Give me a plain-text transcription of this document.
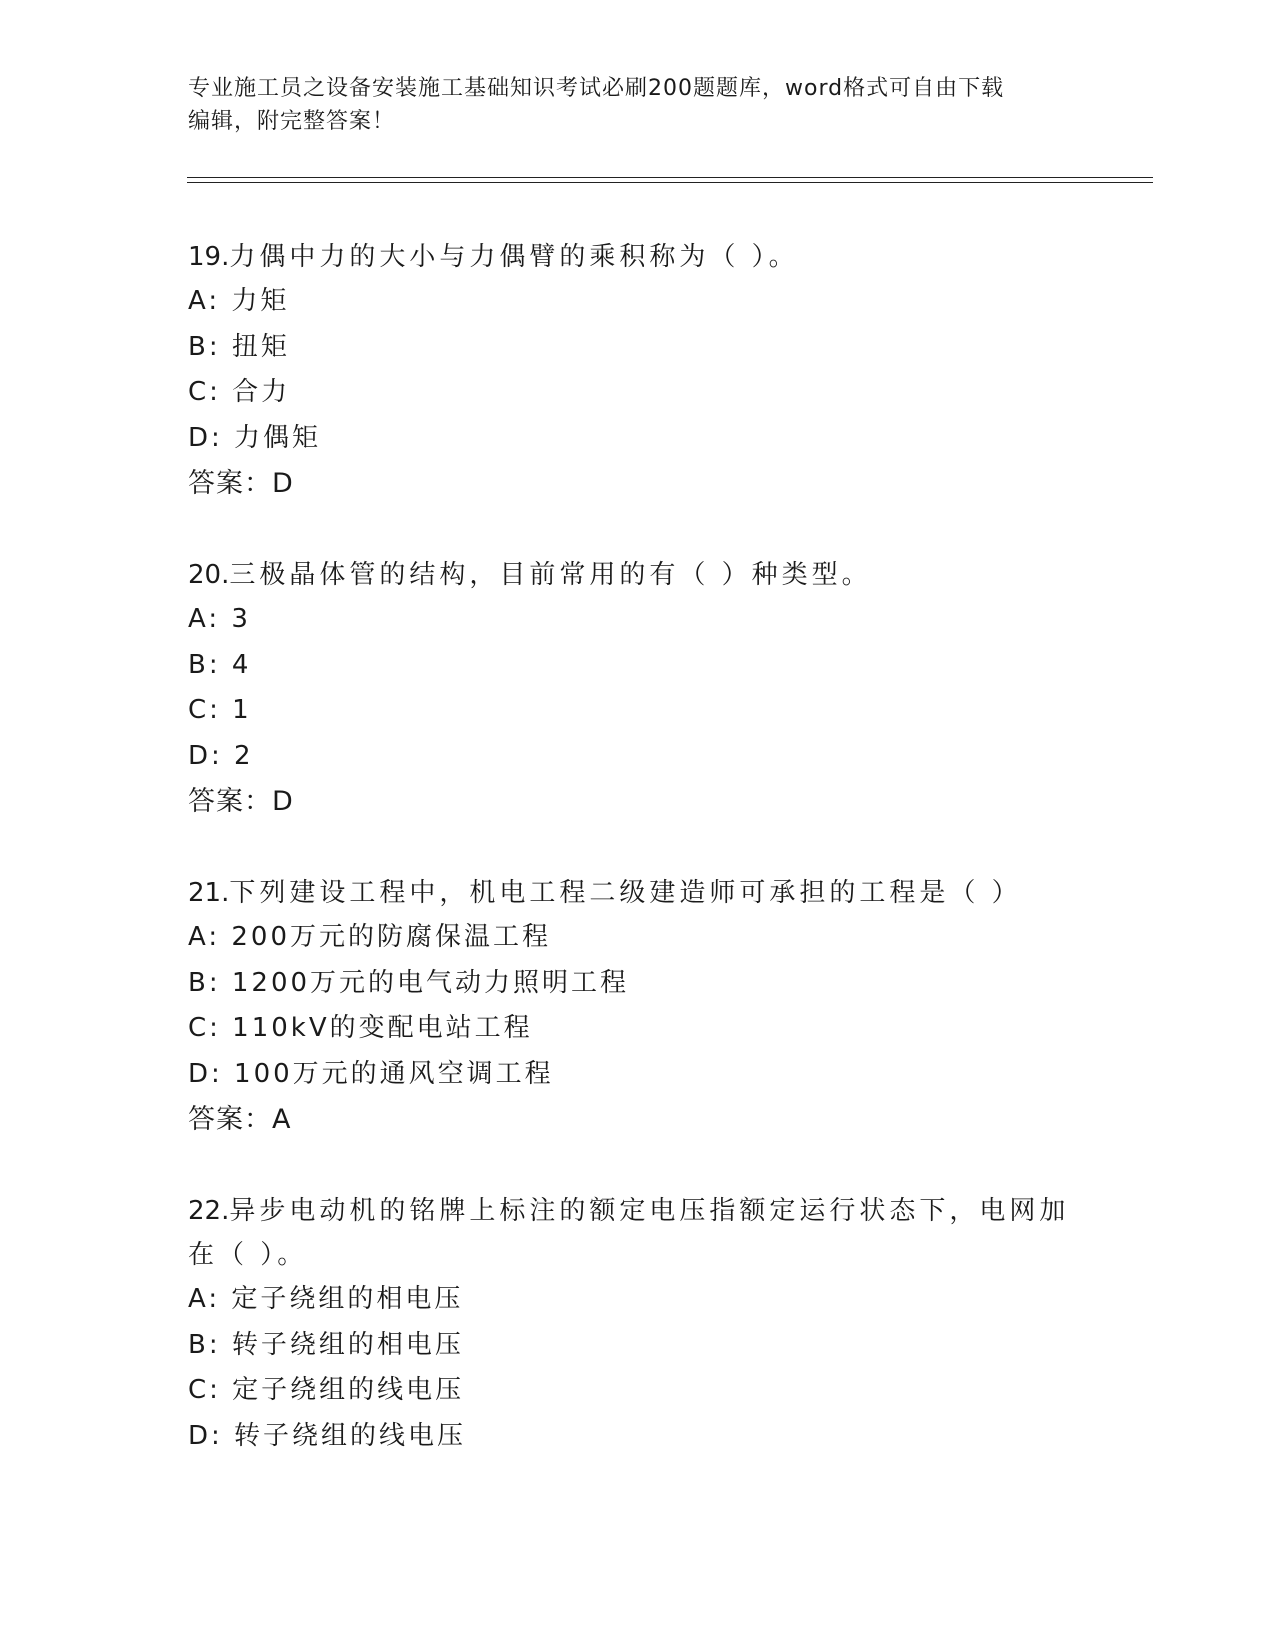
专业施工员之设备安装施工基础知识考试必刷200题题库，word格式可自由下载
编辑，附完整答案！
19.力偶中力的大小与力偶臂的乘积称为（ ）。
A: 力矩
B: 扭矩
C: 合力
D: 力偶矩
答案：D
20.三极晶体管的结构，目前常用的有（ ）种类型。
A: 3
B: 4
C: 1
D: 2
答案：D
21.下列建设工程中，机电工程二级建造师可承担的工程是（ ）
A: 200万元的防腐保温工程
B: 1200万元的电气动力照明工程
C: 110kV的变配电站工程
D: 100万元的通风空调工程
答案：A
22.异步电动机的铭牌上标注的额定电压指额定运行状态下，电网加在（ ）。
A: 定子绕组的相电压
B: 转子绕组的相电压
C: 定子绕组的线电压
D: 转子绕组的线电压
